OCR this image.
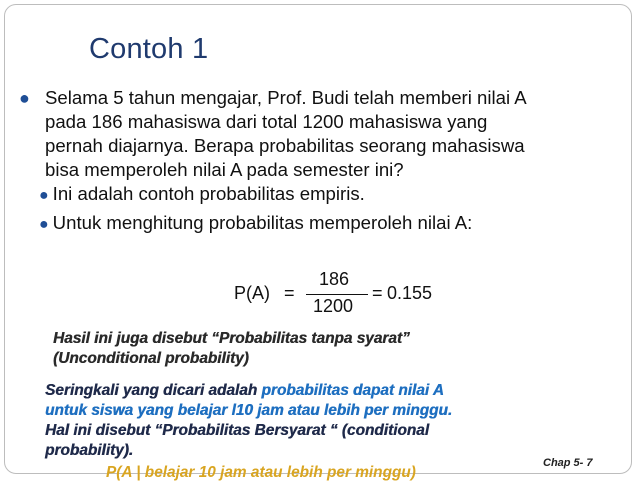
Contoh 1
● Selama 5 tahun mengajar, Prof. Budi telah memberi nilai A
pada 186 mahasiswa dari total 1200 mahasiswa yang
pernah diajarnya. Berapa probabilitas seorang mahasiswa
bisa memperoleh nilai A pada semester ini?
● Ini adalah contoh probabilitas empiris.
● Untuk menghitung probabilitas memperoleh nilai A:
P(A) =
186
1200
= 0.155
Hasil ini juga disebut “Probabilitas tanpa syarat”
(Unconditional probability)
Seringkali yang dicari adalah probabilitas dapat nilai A
untuk siswa yang belajar l10 jam atau lebih per minggu.
Hal ini disebut “Probabilitas Bersyarat “ (conditional
probability).
Chap 5- 7
P(A | belajar 10 jam atau lebih per minggu)
